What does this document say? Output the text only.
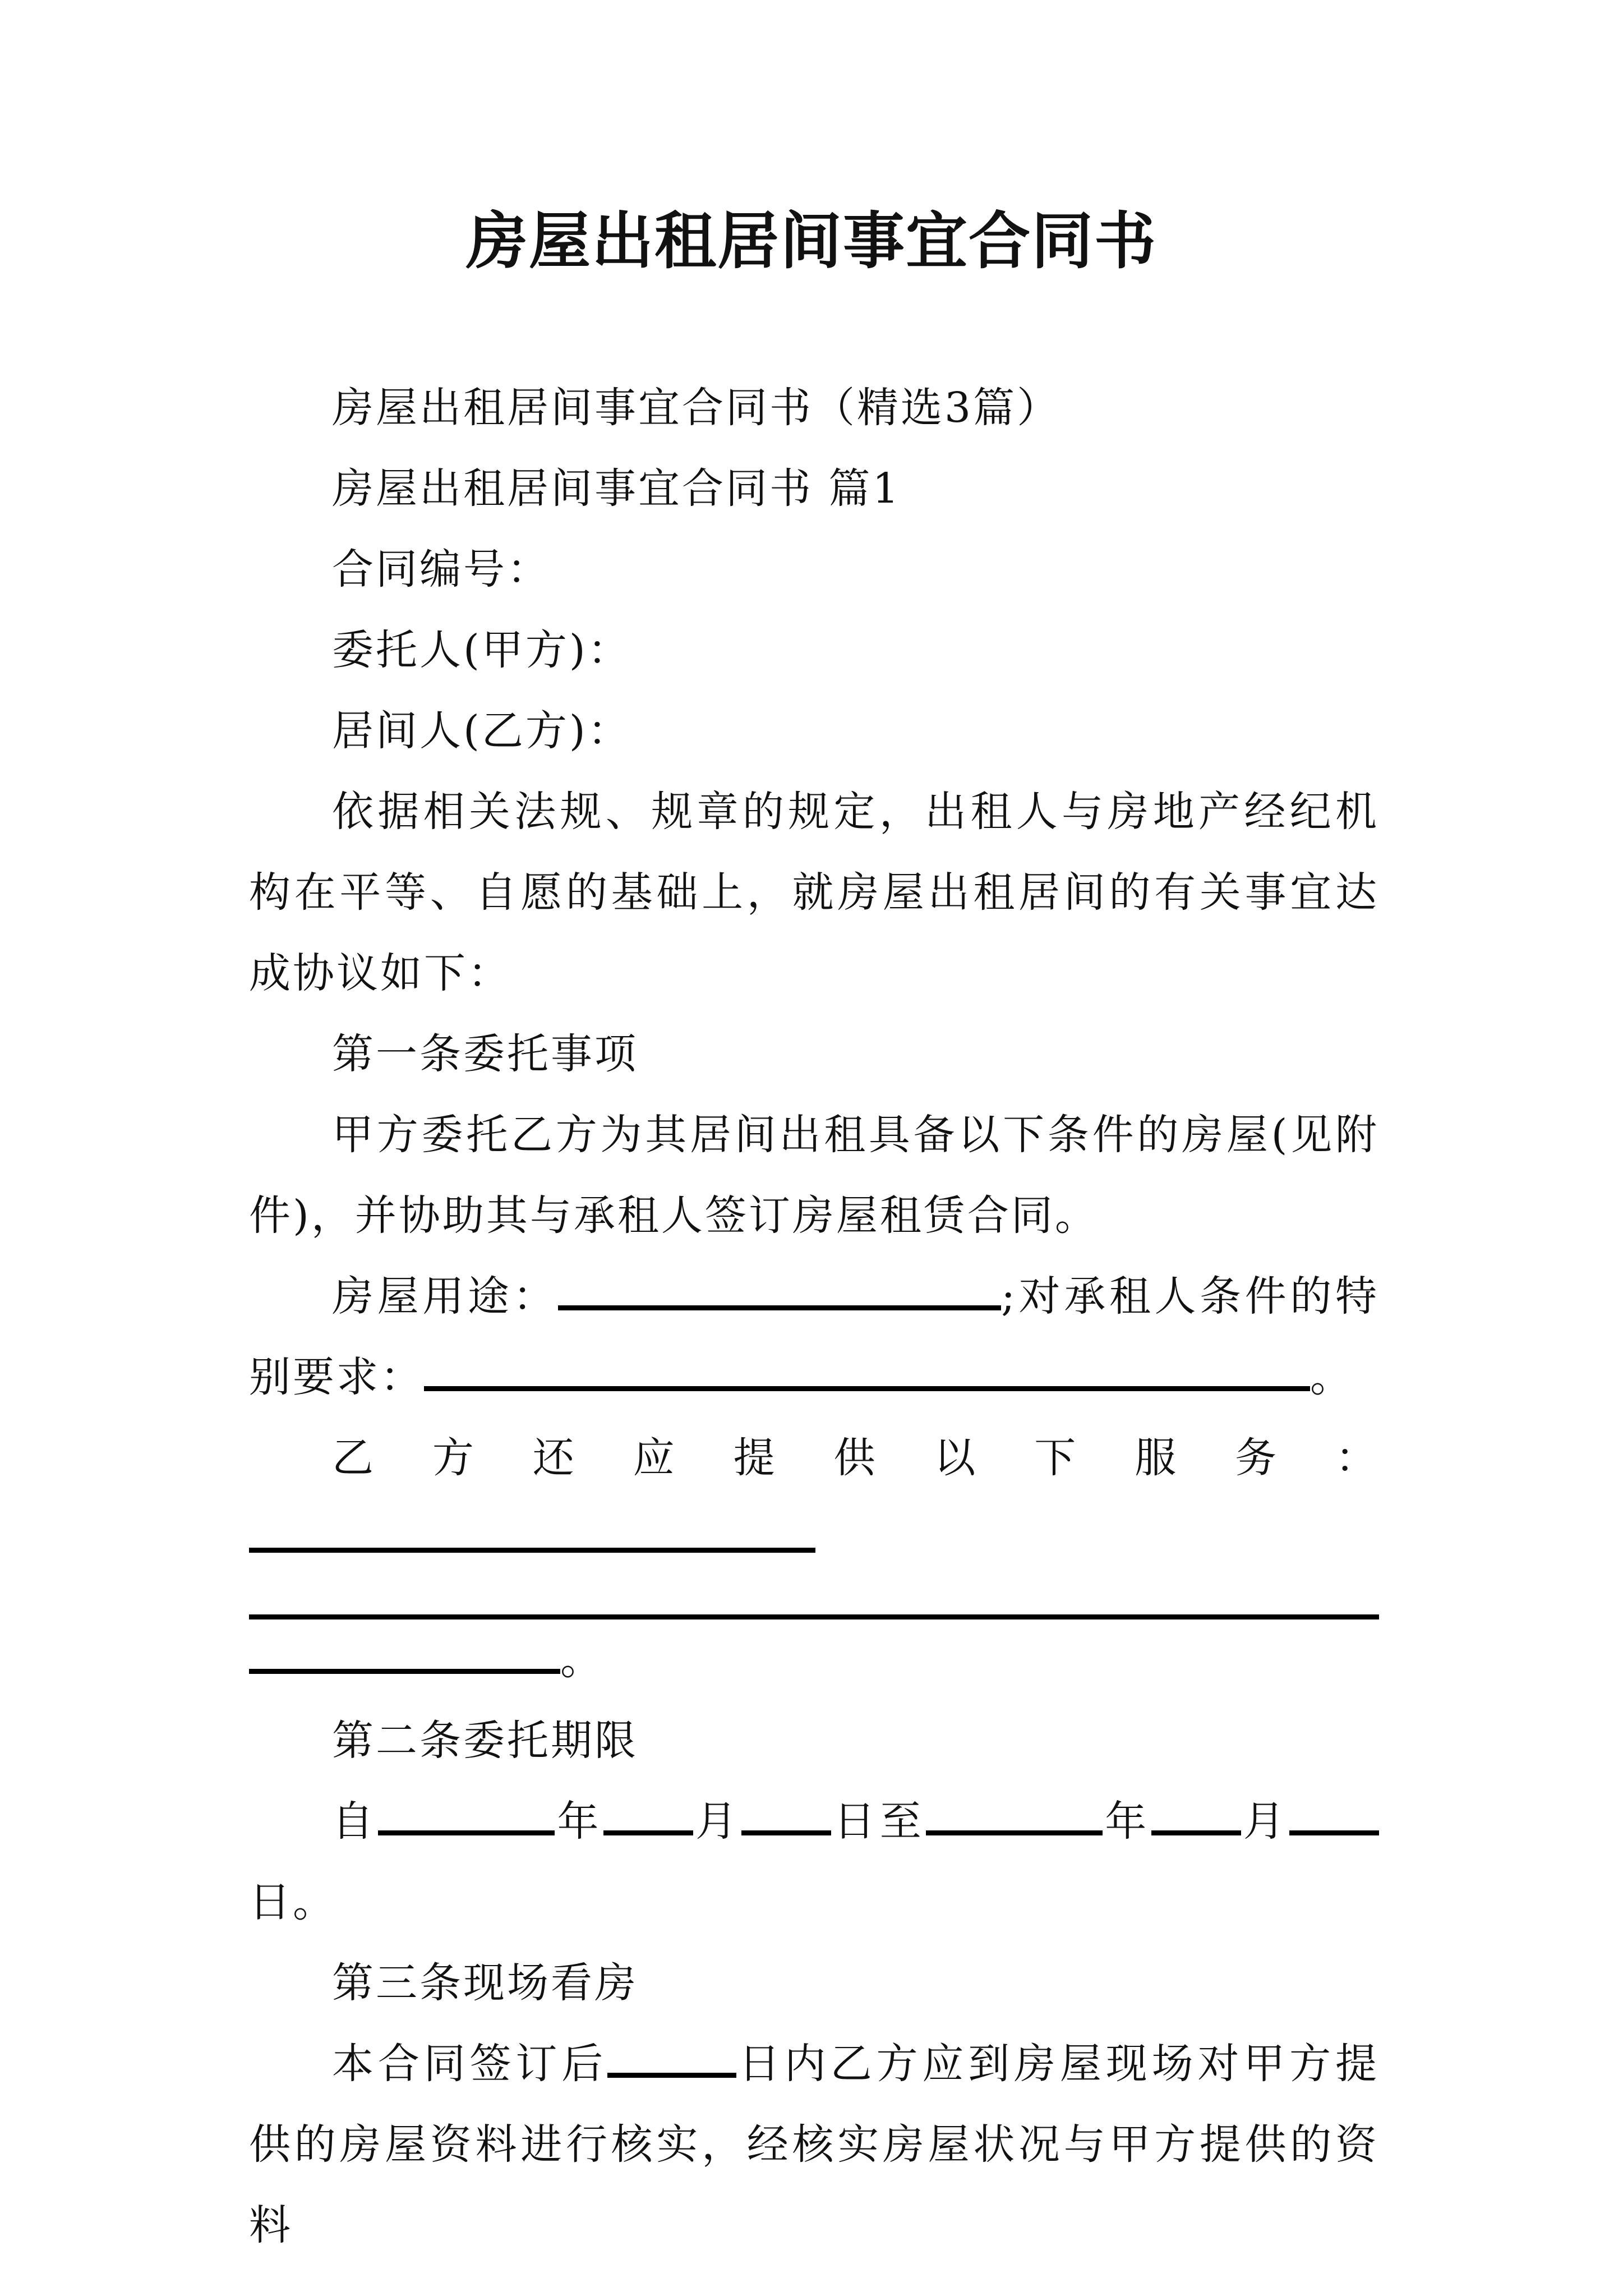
房屋出租居间事宜合同书

房屋出租居间事宜合同书（精选3篇）

房屋出租居间事宜合同书 篇1

合同编号：

委托人(甲方)：

居间人(乙方)：

依据相关法规、规章的规定，出租人与房地产经纪机构在平等、自愿的基础上，就房屋出租居间的有关事宜达成协议如下：

第一条委托事项

甲方委托乙方为其居间出租具备以下条件的房屋(见附件)，并协助其与承租人签订房屋租赁合同。

房屋用途：	;对承租人条件的特别要求：	。

乙方还应提供以下服务：
。

第二条委托期限

自	年 月 日至	年 月日。

第三条现场看房

本合同签订后	日内乙方应到房屋现场对甲方提供的房屋资料进行核实，经核实房屋状况与甲方提供的资料
